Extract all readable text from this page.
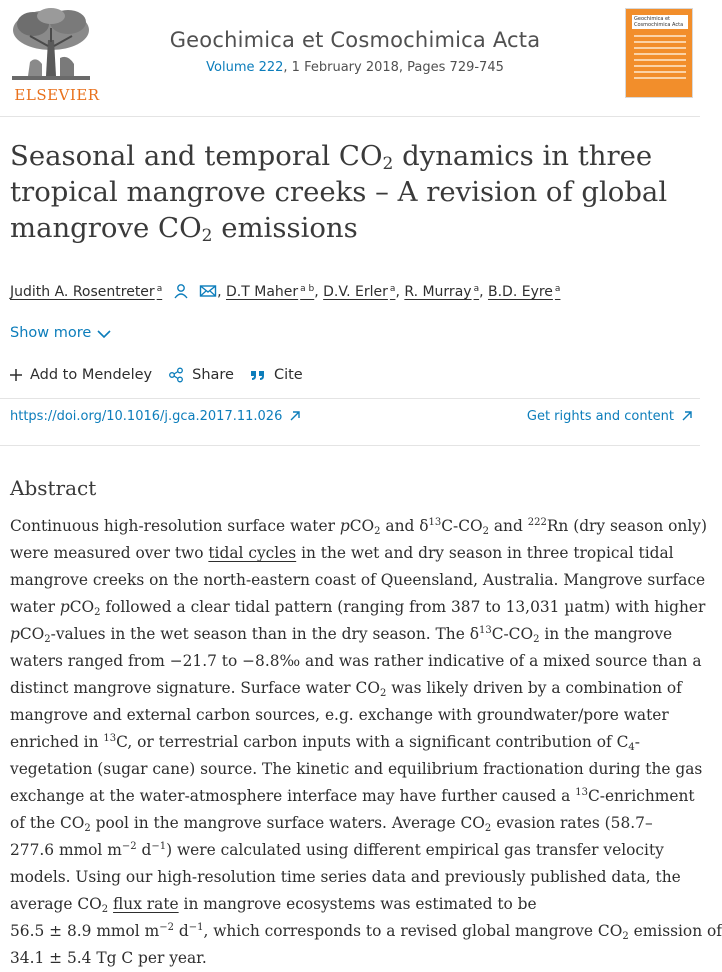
ELSEVIER
Geochimica et Cosmochimica Acta
Volume 222, 1 February 2018, Pages 729-745
Geochimica et Cosmochimica Acta
Seasonal and temporal $CO_2$ dynamics in three
tropical mangrove creeks – A revision of global
mangrove $CO_2$ emissions
Judith A. Rosentreter $^a$	, D.T Maher $^{a b}$, D.V. Erler $^a$, R. Murray $^a$, B.D. Eyre $^a$
Show more
Add to Mendeley	Share	Cite
https://doi.org/10.1016/j.gca.2017.11.026	Get rights and content
Abstract
Continuous high-resolution surface water pCO$_2$ and $\delta^{13}C-CO_2$ and $^{222}$Rn (dry season only)
were measured over two tidal cycles in the wet and dry season in three tropical tidal
mangrove creeks on the north-eastern coast of Queensland, Australia. Mangrove surface
water pCO$_2$ followed a clear tidal pattern (ranging from 387 to 13,031 µatm) with higher
pCO$_2$-values in the wet season than in the dry season. The $\delta^{13}C-CO_2$ in the mangrove
waters ranged from −21.7 to −8.8‰ and was rather indicative of a mixed source than a
distinct mangrove signature. Surface water $CO_2$ was likely driven by a combination of
mangrove and external carbon sources, e.g. exchange with groundwater/pore water
enriched in $^{13}$C, or terrestrial carbon inputs with a significant contribution of $C_4-$
vegetation (sugar cane) source. The kinetic and equilibrium fractionation during the gas
exchange at the water-atmosphere interface may have further caused a $^{13}$C-enrichment
of the $CO_2$ pool in the mangrove surface waters. Average $CO_2$ evasion rates (58.7–
277.6 mmol $m^{-2}$ $d^{-1}$) were calculated using different empirical gas transfer velocity
models. Using our high-resolution time series data and previously published data, the
average $CO_2$ flux rate in mangrove ecosystems was estimated to be
56.5 ± 8.9 mmol $m^{-2}$ $d^{-1}$, which corresponds to a revised global mangrove $CO_2$ emission of
34.1 ± 5.4 Tg C per year.
